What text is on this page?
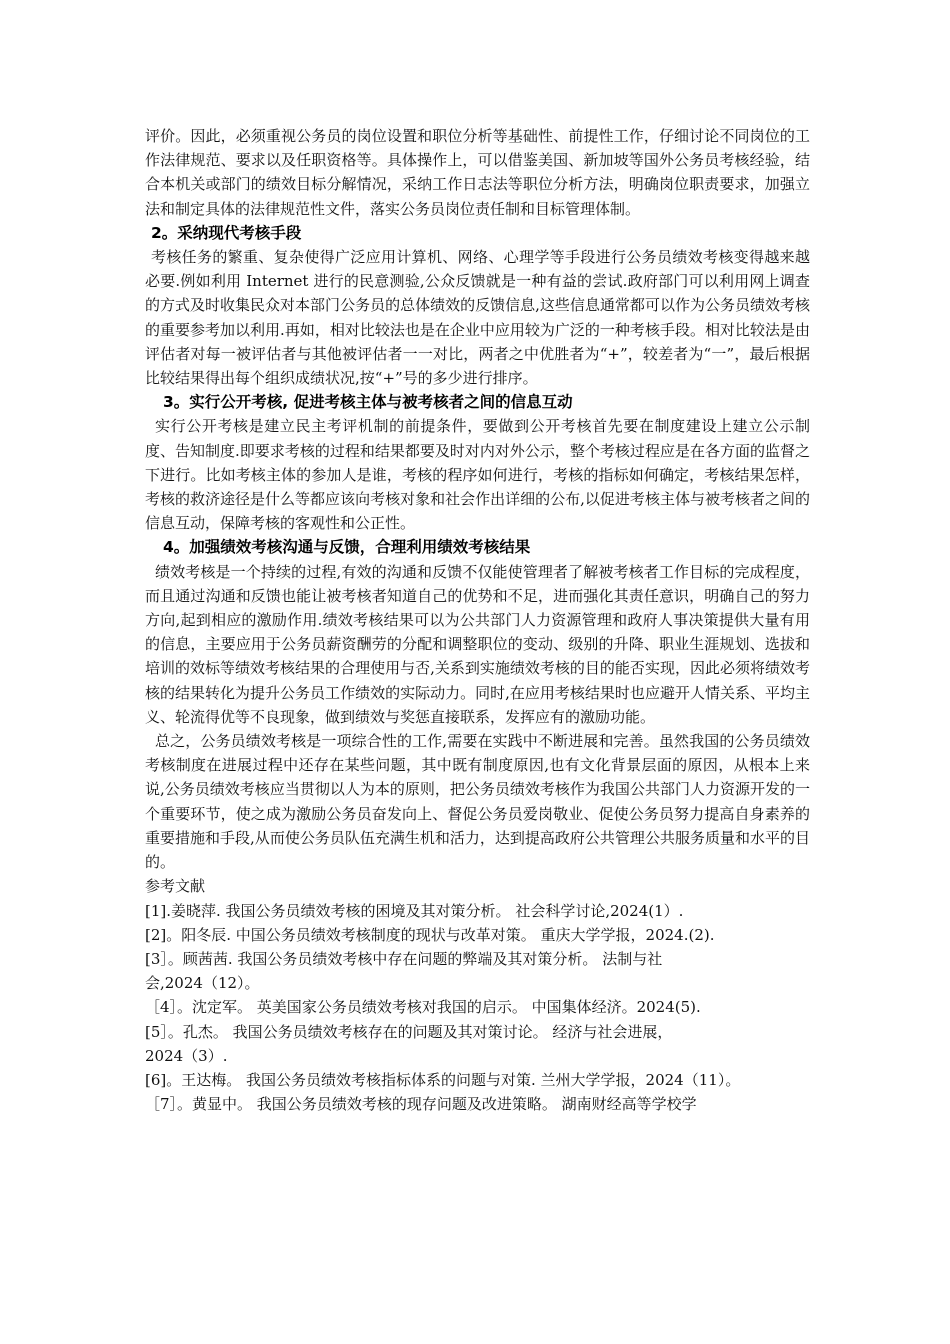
评价。因此，必须重视公务员的岗位设置和职位分析等基础性、前提性工作，仔细讨论不同岗位的工作法律规范、要求以及任职资格等。具体操作上，可以借鉴美国、新加坡等国外公务员考核经验，结合本机关或部门的绩效目标分解情况，采纳工作日志法等职位分析方法，明确岗位职责要求，加强立法和制定具体的法律规范性文件，落实公务员岗位责任制和目标管理体制。

2。采纳现代考核手段

考核任务的繁重、复杂使得广泛应用计算机、网络、心理学等手段进行公务员绩效考核变得越来越必要.例如利用 Internet 进行的民意测验,公众反馈就是一种有益的尝试.政府部门可以利用网上调查的方式及时收集民众对本部门公务员的总体绩效的反馈信息,这些信息通常都可以作为公务员绩效考核的重要参考加以利用.再如，相对比较法也是在企业中应用较为广泛的一种考核手段。相对比较法是由评估者对每一被评估者与其他被评估者一一对比，两者之中优胜者为“+”，较差者为“一”，最后根据比较结果得出每个组织成绩状况,按“+”号的多少进行排序。

3。实行公开考核, 促进考核主体与被考核者之间的信息互动

实行公开考核是建立民主考评机制的前提条件，要做到公开考核首先要在制度建设上建立公示制度、告知制度.即要求考核的过程和结果都要及时对内对外公示，整个考核过程应是在各方面的监督之下进行。比如考核主体的参加人是谁，考核的程序如何进行，考核的指标如何确定，考核结果怎样，考核的救济途径是什么等都应该向考核对象和社会作出详细的公布,以促进考核主体与被考核者之间的信息互动，保障考核的客观性和公正性。

4。加强绩效考核沟通与反馈，合理利用绩效考核结果

绩效考核是一个持续的过程,有效的沟通和反馈不仅能使管理者了解被考核者工作目标的完成程度，而且通过沟通和反馈也能让被考核者知道自己的优势和不足，进而强化其责任意识，明确自己的努力方向,起到相应的激励作用.绩效考核结果可以为公共部门人力资源管理和政府人事决策提供大量有用的信息，主要应用于公务员薪资酬劳的分配和调整职位的变动、级别的升降、职业生涯规划、选拔和培训的效标等绩效考核结果的合理使用与否,关系到实施绩效考核的目的能否实现，因此必须将绩效考核的结果转化为提升公务员工作绩效的实际动力。同时,在应用考核结果时也应避开人情关系、平均主义、轮流得优等不良现象，做到绩效与奖惩直接联系，发挥应有的激励功能。

总之，公务员绩效考核是一项综合性的工作,需要在实践中不断进展和完善。虽然我国的公务员绩效考核制度在进展过程中还存在某些问题，其中既有制度原因,也有文化背景层面的原因，从根本上来说,公务员绩效考核应当贯彻以人为本的原则，把公务员绩效考核作为我国公共部门人力资源开发的一个重要环节，使之成为激励公务员奋发向上、督促公务员爱岗敬业、促使公务员努力提高自身素养的重要措施和手段,从而使公务员队伍充满生机和活力，达到提高政府公共管理公共服务质量和水平的目的。

参考文献

[1].姜晓萍. 我国公务员绩效考核的困境及其对策分析。 社会科学讨论,2024(1）.

[2]。阳冬辰. 中国公务员绩效考核制度的现状与改革对策。 重庆大学学报，2024.(2).

[3］。顾茜茜. 我国公务员绩效考核中存在问题的弊端及其对策分析。 法制与社

会,2024（12）。

［4］。沈定军。 英美国家公务员绩效考核对我国的启示。 中国集体经济。2024(5).

[5］。孔杰。 我国公务员绩效考核存在的问题及其对策讨论。 经济与社会进展，

2024（3）.

[6]。王达梅。 我国公务员绩效考核指标体系的问题与对策. 兰州大学学报，2024（11）。

［7］。黄显中。 我国公务员绩效考核的现存问题及改进策略。 湖南财经高等学校学
